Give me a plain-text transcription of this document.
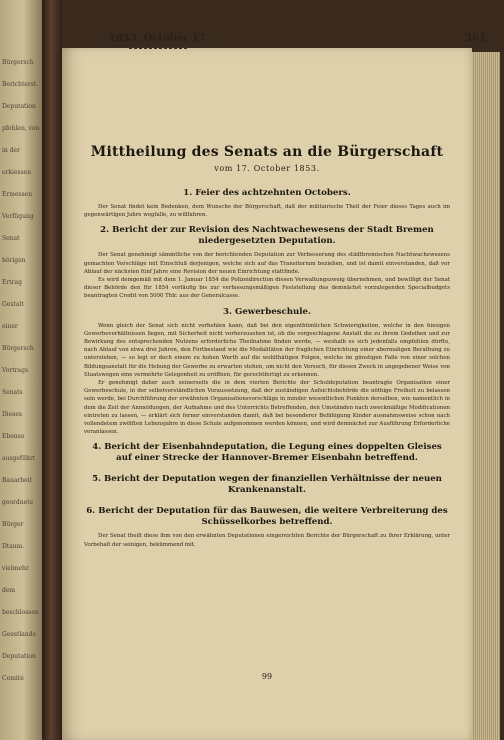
Bürgersch
Berichterst.
Deputation
pfehlen, von
in der
erkiessen
Ermessen
Verfügung
Senat
hörigen
Ertrag
Gestalt
einer
Bürgersch
Vortrags
Senats
Dieses
Ebenso
ausgeführt
Bauarbeit
geordnete
Bürger
Dtaum.
vielmehr
dem
beschlossen
Geestlande
Deputation
Comité
Mittheilung des Senats an die Bürgerschaft
vom 17. October 1853.
1. Feier des achtzehnten Octobers.

Der Senat findet kein Bedenken, dem Wunsche der Bürgerschaft, daß der militairische Theil der Feier dieses Tages auch im gegenwärtigen Jahre wegfalle, zu willfahren.

2. Bericht der zur Revision des Nachtwachewesens der Stadt Bremen niedergesetzten Deputation.

Der Senat genehmigt sämmtliche von der berichtenden Deputation zur Verbesserung des städtbremischen Nachtwachewesens gemachten Vorschläge mit Einschluß derjenigen, welche sich auf das Transitorium beziehen, und ist damit einverstanden, daß vor Ablauf der nächsten fünf Jahre eine Revision der neuen Einrichtung stattfinde.

Es wird demgemäß mit dem 1. Januar 1854 die Polizeidirection diesen Verwaltungszweig übernehmen, und bewilligt der Senat dieser Behörde den für 1854 vorläufig bis zur verfassungsmäßigen Feststellung des demnächst vorzulegenden Specialbudgets beantragten Credit von 5000 Thlr. aus der Generalcasse.

3. Gewerbeschule.

Wenn gleich der Senat sich nicht verhehlen kann, daß bei den eigenthümlichen Schwierigkeiten, welche in den hiesigen Gewerbeverhältnissen liegen, mit Sicherheit nicht vorherzusehen ist, ob die vorgeschlagene Anstalt die zu ihrem Gedeihen und zur Bewirkung des entsprechenden Nutzens erforderliche Theilnahme finden werde, — weshalb es sich jedenfalls empfehlen dürfte, nach Ablauf von etwa drei Jahren, den Fortbestand wie die Modalitäten der fraglichen Einrichtung einer abermaligen Berathung zu unterziehen, — so legt er doch einem zu hohen Werth auf die wohlthätigen Folgen, welche im günstigen Falle von einer solchen Bildungsanstalt für die Hebung der Gewerbe zu erwarten stehen, um nicht den Versuch, für diesen Zweck in angegebener Weise von Staatswegen eine vermehrte Gelegenheit zu eröffnen, für gerechtfertigt zu erkennen.

Er genehmigt daher auch seinerseits die in dem vierten Berichte der Schuldeputation beantragte Organisation einer Gewerbeschule, in der selbstverständlichen Voraussetzung, daß der zuständigen Aufsichtsbehörde die nöthige Freiheit zu belassen sein werde, bei Durchführung der erwähnten Organisationsvorschläge in minder wesentlichen Punkten derselben, wie namentlich in dem die Zeit der Anmeldungen, der Aufnahme und des Unterrichts Betreffenden, den Umständen nach zweckmäßige Modificationen eintreten zu lassen, — erklärt sich ferner einverstanden damit, daß bei besonderer Befähigung Kinder ausnahmsweise schon nach vollendetem zwölften Lebensjahre in diese Schule aufgenommen werden können, und wird demnächst zur Ausführung Erforderliche veranlassen.

4. Bericht der Eisenbahndeputation, die Legung eines doppelten Gleises auf einer Strecke der Hannover-Bremer Eisenbahn betreffend.
5. Bericht der Deputation wegen der finanziellen Verhältnisse der neuen Krankenanstalt.
6. Bericht der Deputation für das Bauwesen, die weitere Verbreiterung des Schüsselkorbes betreffend.

Der Senat theilt diese ihm von den erwähnten Deputationen eingereichten Berichte der Bürgerschaft zu ihrer Erklärung, unter Vorbehalt der seinigen, bekümmend mit.

99
1853. October 17.	361
